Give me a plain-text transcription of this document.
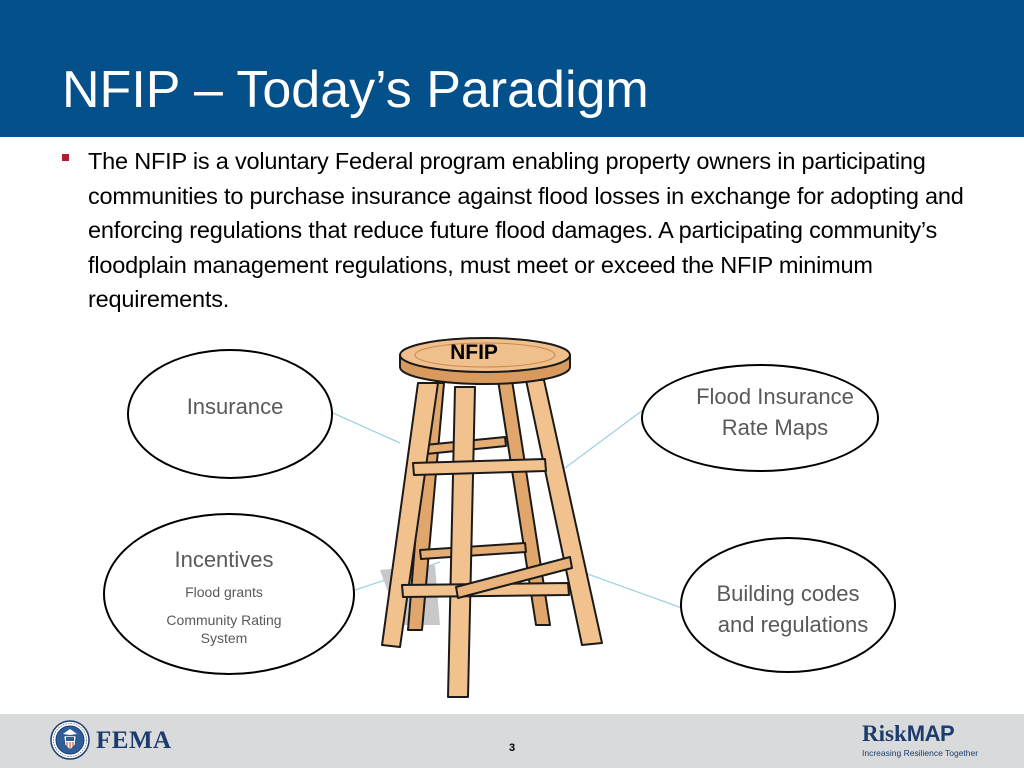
NFIP – Today’s Paradigm
The NFIP is a voluntary Federal program enabling property owners in participating communities to purchase insurance against flood losses in exchange for adopting and enforcing regulations that reduce future flood damages. A participating community’s floodplain management regulations, must meet or exceed the NFIP minimum requirements.
NFIP
Insurance	Flood Insurance
Rate Maps
Incentives
Flood grants
Community Rating
System
Building codes
and regulations
FEMA	3
RiskMAP
Increasing Resilience Together
